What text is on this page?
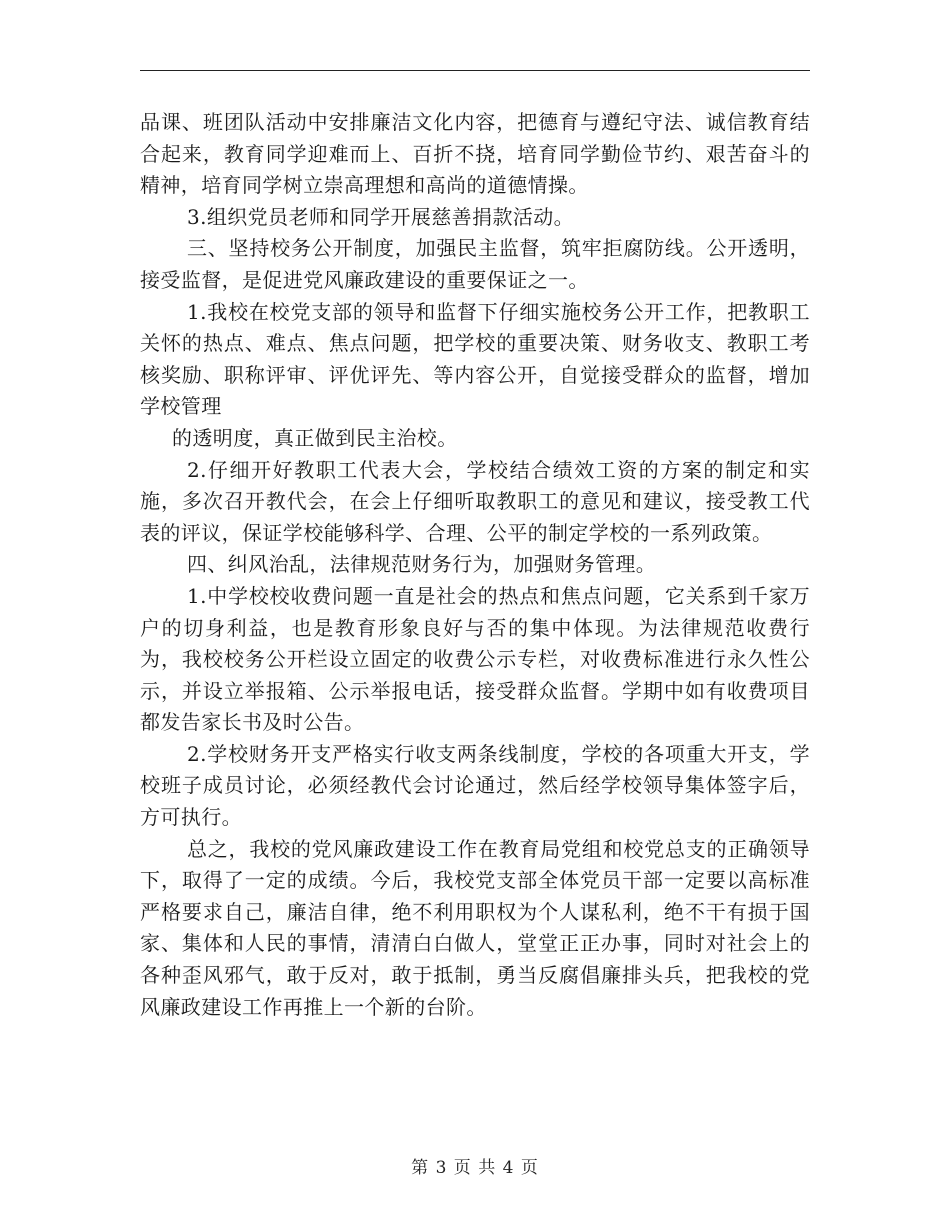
品课、班团队活动中安排廉洁文化内容，把德育与遵纪守法、诚信教育结合起来，教育同学迎难而上、百折不挠，培育同学勤俭节约、艰苦奋斗的精神，培育同学树立崇高理想和高尚的道德情操。

3.组织党员老师和同学开展慈善捐款活动。

三、坚持校务公开制度，加强民主监督，筑牢拒腐防线。公开透明，接受监督，是促进党风廉政建设的重要保证之一。

1.我校在校党支部的领导和监督下仔细实施校务公开工作，把教职工关怀的热点、难点、焦点问题，把学校的重要决策、财务收支、教职工考核奖励、职称评审、评优评先、等内容公开，自觉接受群众的监督，增加学校管理

的透明度，真正做到民主治校。

2.仔细开好教职工代表大会，学校结合绩效工资的方案的制定和实施，多次召开教代会，在会上仔细听取教职工的意见和建议，接受教工代表的评议，保证学校能够科学、合理、公平的制定学校的一系列政策。

四、纠风治乱，法律规范财务行为，加强财务管理。

1.中学校校收费问题一直是社会的热点和焦点问题，它关系到千家万户的切身利益，也是教育形象良好与否的集中体现。为法律规范收费行为，我校校务公开栏设立固定的收费公示专栏，对收费标准进行永久性公示，并设立举报箱、公示举报电话，接受群众监督。学期中如有收费项目都发告家长书及时公告。

2.学校财务开支严格实行收支两条线制度，学校的各项重大开支，学校班子成员讨论，必须经教代会讨论通过，然后经学校领导集体签字后，方可执行。

总之，我校的党风廉政建设工作在教育局党组和校党总支的正确领导下，取得了一定的成绩。今后，我校党支部全体党员干部一定要以高标准严格要求自己，廉洁自律，绝不利用职权为个人谋私利，绝不干有损于国家、集体和人民的事情，清清白白做人，堂堂正正办事，同时对社会上的各种歪风邪气，敢于反对，敢于抵制，勇当反腐倡廉排头兵，把我校的党风廉政建设工作再推上一个新的台阶。

第 3 页 共 4 页
